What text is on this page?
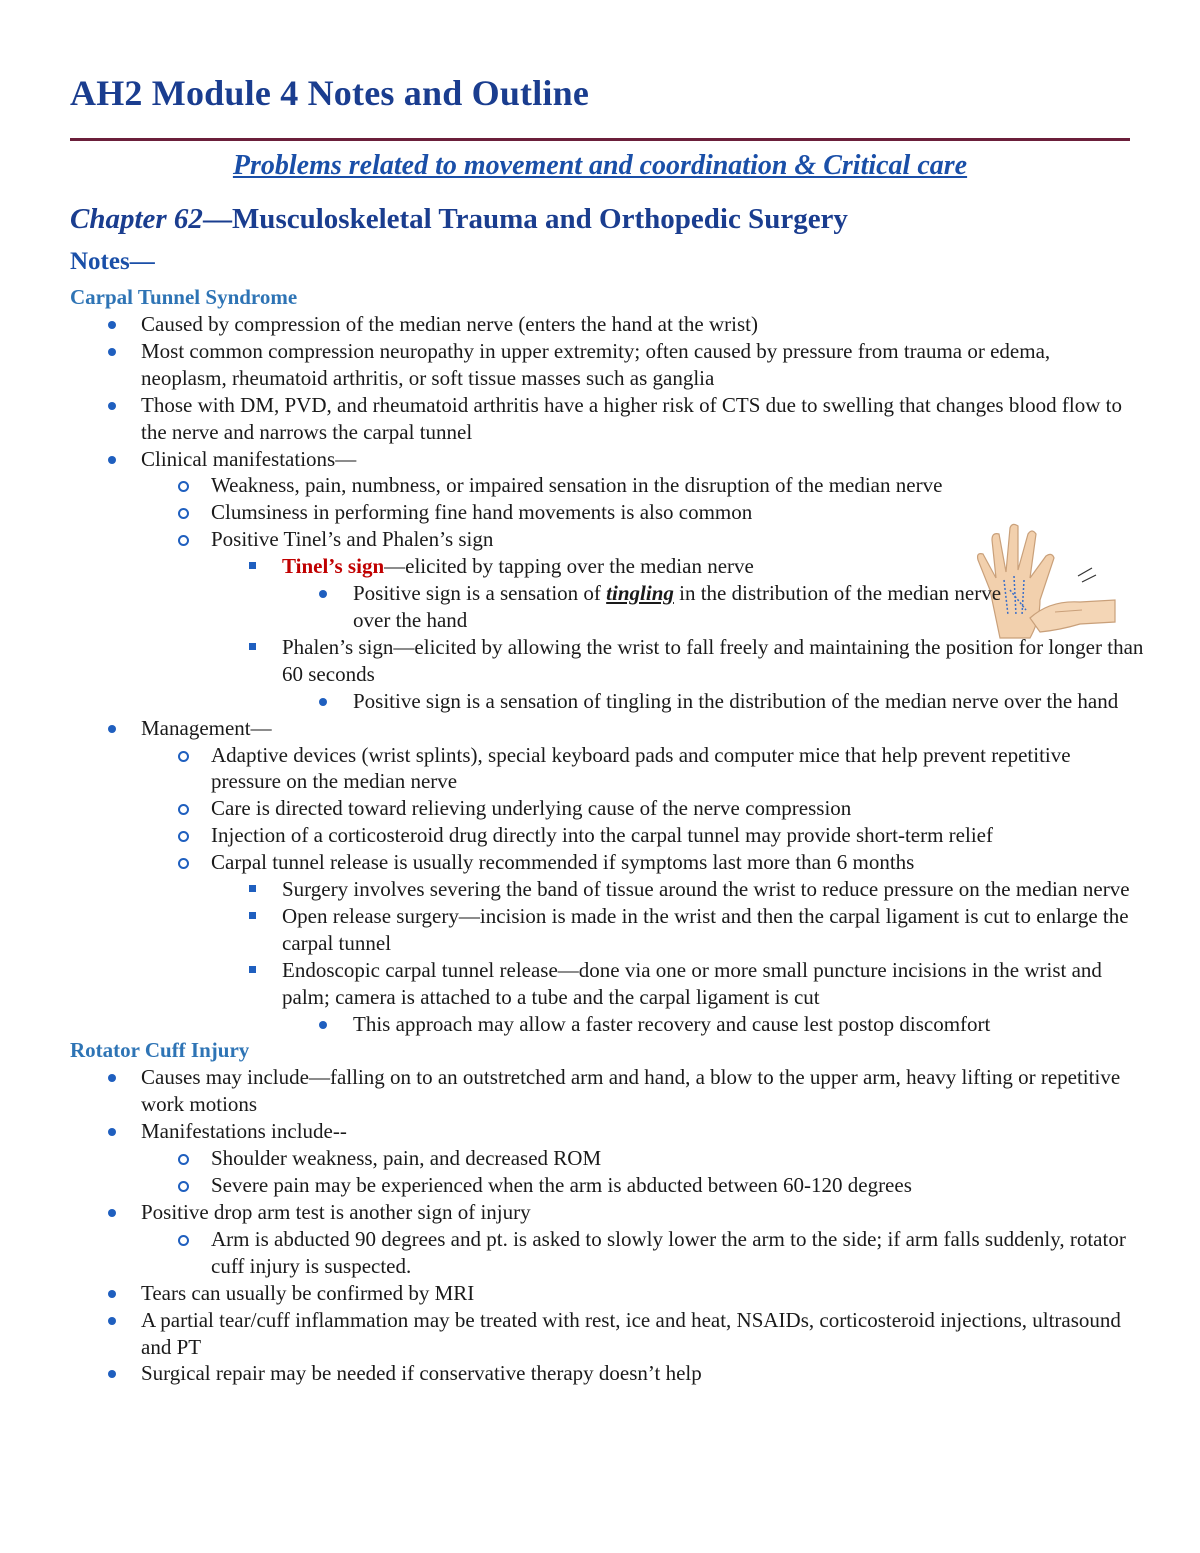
AH2 Module 4 Notes and Outline
Problems related to movement and coordination & Critical care
Chapter 62—Musculoskeletal Trauma and Orthopedic Surgery
Notes—
Carpal Tunnel Syndrome
Caused by compression of the median nerve (enters the hand at the wrist)
Most common compression neuropathy in upper extremity; often caused by pressure from trauma or edema, neoplasm, rheumatoid arthritis, or soft tissue masses such as ganglia
Those with DM, PVD, and rheumatoid arthritis have a higher risk of CTS due to swelling that changes blood flow to the nerve and narrows the carpal tunnel
Clinical manifestations—
Weakness, pain, numbness, or impaired sensation in the disruption of the median nerve
Clumsiness in performing fine hand movements is also common
Positive Tinel’s and Phalen’s sign
Tinel’s sign—elicited by tapping over the median nerve
Positive sign is a sensation of tingling in the distribution of the median nerve over the hand
Phalen’s sign—elicited by allowing the wrist to fall freely and maintaining the position for longer than 60 seconds
Positive sign is a sensation of tingling in the distribution of the median nerve over the hand
Management—
Adaptive devices (wrist splints), special keyboard pads and computer mice that help prevent repetitive pressure on the median nerve
Care is directed toward relieving underlying cause of the nerve compression
Injection of a corticosteroid drug directly into the carpal tunnel may provide short-term relief
Carpal tunnel release is usually recommended if symptoms last more than 6 months
Surgery involves severing the band of tissue around the wrist to reduce pressure on the median nerve
Open release surgery—incision is made in the wrist and then the carpal ligament is cut to enlarge the carpal tunnel
Endoscopic carpal tunnel release—done via one or more small puncture incisions in the wrist and palm; camera is attached to a tube and the carpal ligament is cut
This approach may allow a faster recovery and cause lest postop discomfort
Rotator Cuff Injury
Causes may include—falling on to an outstretched arm and hand, a blow to the upper arm, heavy lifting or repetitive work motions
Manifestations include--
Shoulder weakness, pain, and decreased ROM
Severe pain may be experienced when the arm is abducted between 60-120 degrees
Positive drop arm test is another sign of injury
Arm is abducted 90 degrees and pt. is asked to slowly lower the arm to the side; if arm falls suddenly, rotator cuff injury is suspected.
Tears can usually be confirmed by MRI
A partial tear/cuff inflammation may be treated with rest, ice and heat, NSAIDs, corticosteroid injections, ultrasound and PT
Surgical repair may be needed if conservative therapy doesn’t help
